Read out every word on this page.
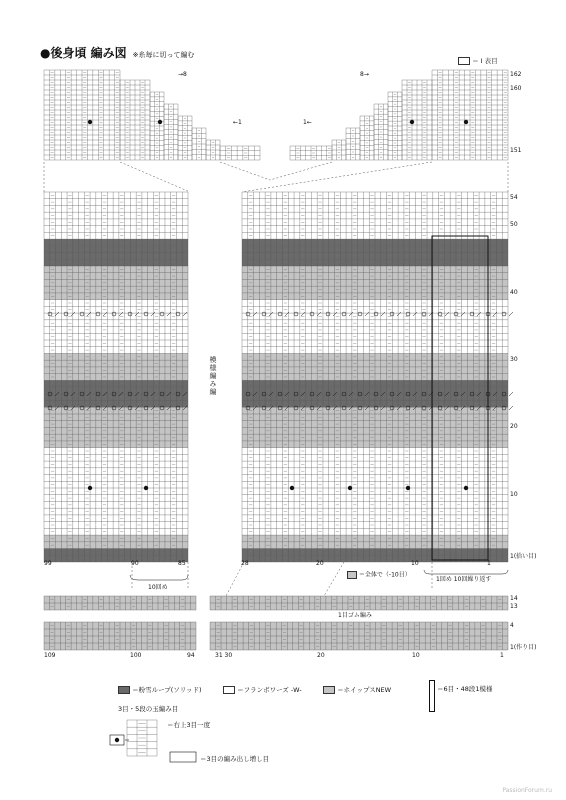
●後身頃 編み図 ※糸毎に切って編む
＝ Ⅰ 表目
162
160
151
→8	8→
←1	1←
54
50
40
30
20
10
1(拾い目)
模様編み編
99	90	85	28	20	10	1
10回め
1回め 10回繰り返す
＝全体で（-10目）
14
13
4
1(作り目)
1目ゴム編み
109	100	94	31 30	20	10	1
＝粉雪ループ(ソリッド)	＝フランボワーズ -W-	＝ホイップスNEW	＝6目・48段1模様
3目・5段の玉編み目
＝右上3目一度
＝3目の編み出し増し目
PassionForum.ru
